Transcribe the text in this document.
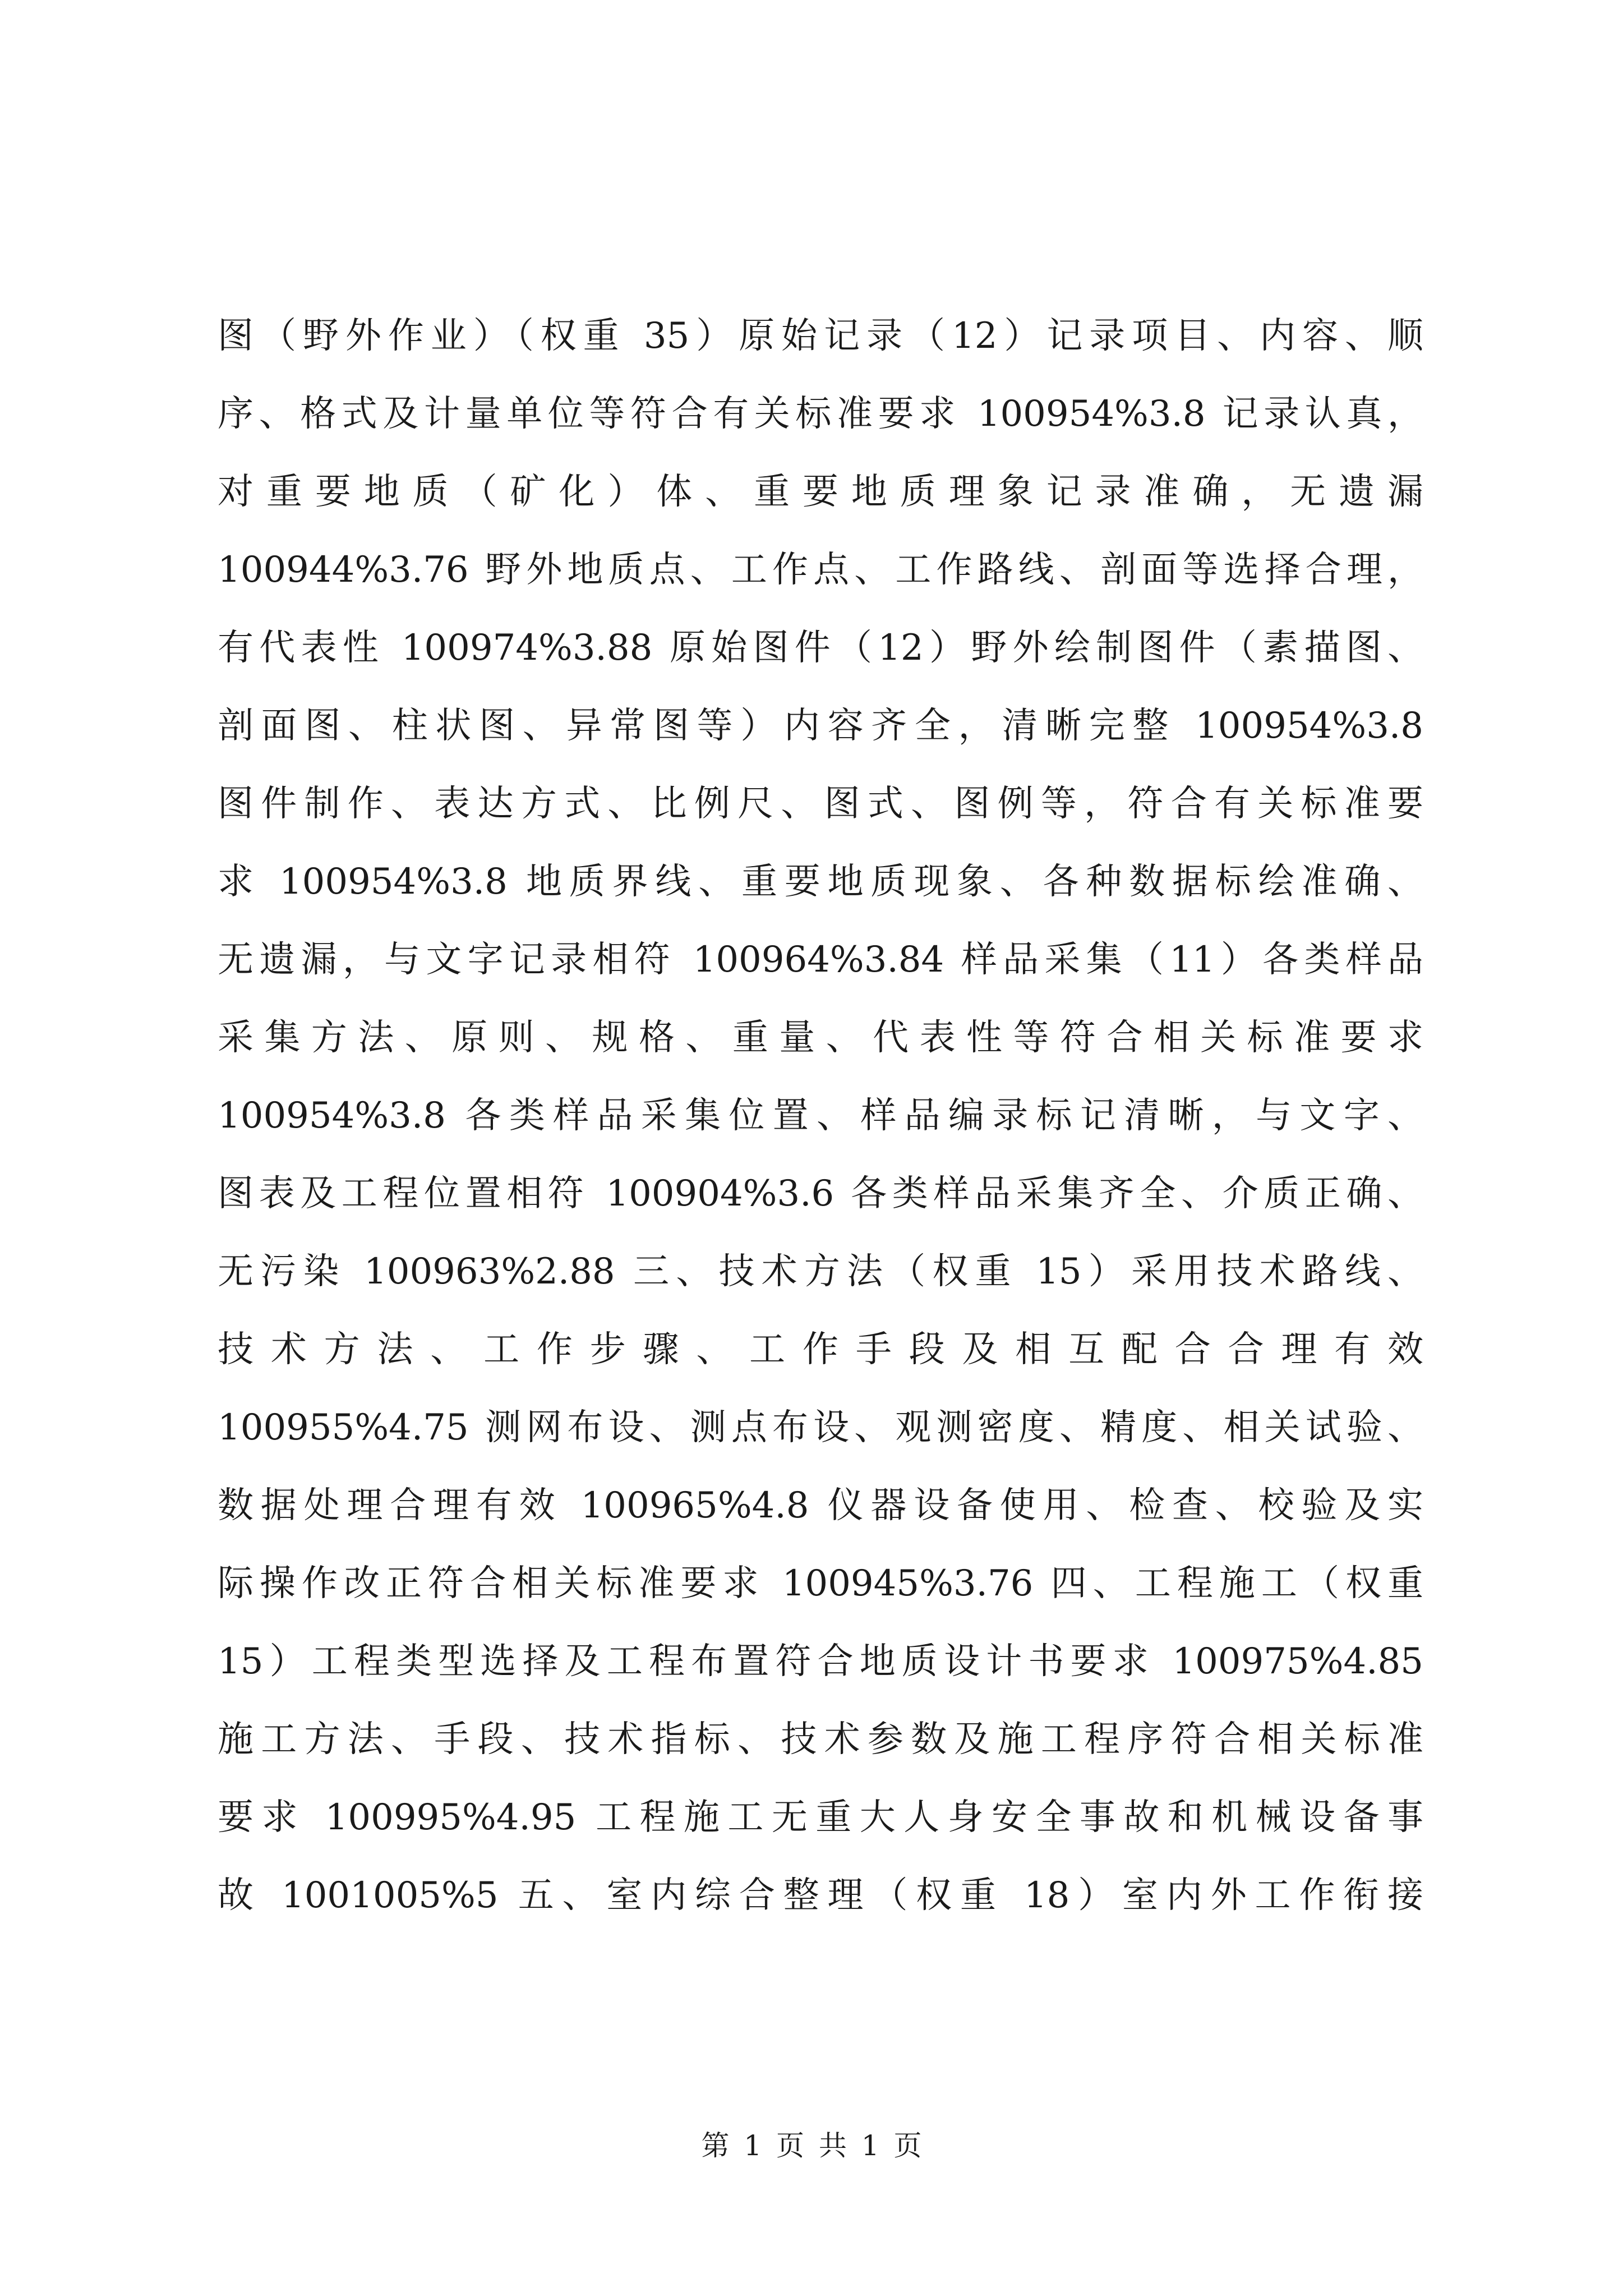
图（野外作业）（权重 35）原始记录（12）记录项目、内容、顺
序、格式及计量单位等符合有关标准要求 100954%3.8 记录认真，
对重要地质（矿化）体、重要地质理象记录准确，无遗漏
100944%3.76 野外地质点、工作点、工作路线、剖面等选择合理，
有代表性 100974%3.88 原始图件（12）野外绘制图件（素描图、
剖面图、柱状图、异常图等）内容齐全，清晰完整 100954%3.8
图件制作、表达方式、比例尺、图式、图例等，符合有关标准要
求 100954%3.8 地质界线、重要地质现象、各种数据标绘准确、
无遗漏，与文字记录相符 100964%3.84 样品采集（11）各类样品
采集方法、原则、规格、重量、代表性等符合相关标准要求
100954%3.8 各类样品采集位置、样品编录标记清晰，与文字、
图表及工程位置相符 100904%3.6 各类样品采集齐全、介质正确、
无污染 100963%2.88 三、技术方法（权重 15）采用技术路线、
技术方法、工作步骤、工作手段及相互配合合理有效
100955%4.75 测网布设、测点布设、观测密度、精度、相关试验、
数据处理合理有效 100965%4.8 仪器设备使用、检查、校验及实
际操作改正符合相关标准要求 100945%3.76 四、工程施工（权重
15）工程类型选择及工程布置符合地质设计书要求 100975%4.85
施工方法、手段、技术指标、技术参数及施工程序符合相关标准
要求 100995%4.95 工程施工无重大人身安全事故和机械设备事
故 1001005%5 五、室内综合整理（权重 18）室内外工作衔接
第 1 页 共 1 页
